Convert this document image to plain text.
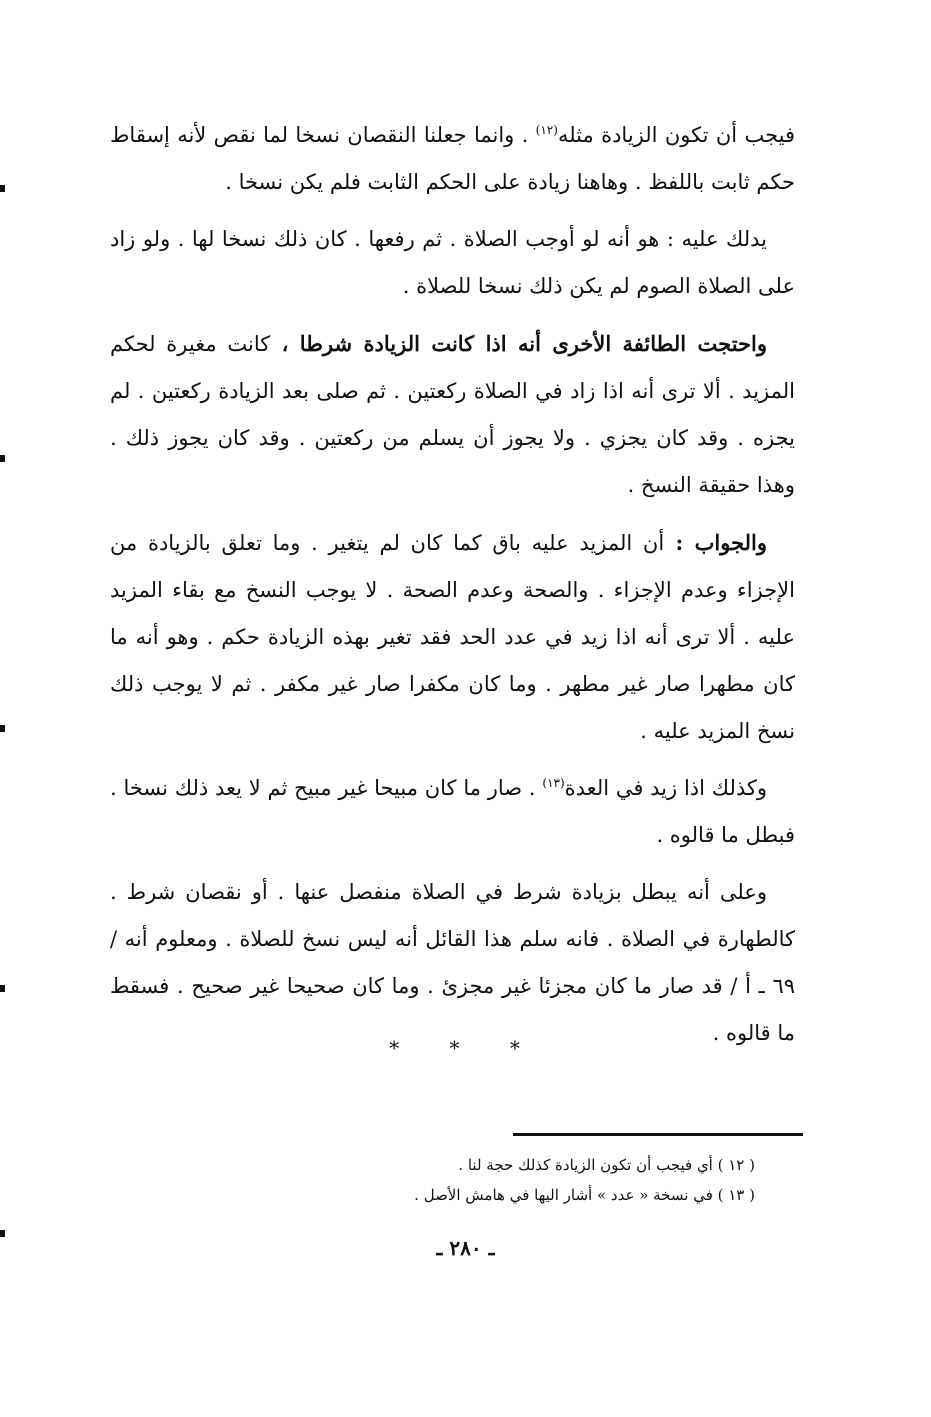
فيجب أن تكون الزيادة مثله$^{(١٢)}$ . وانما جعلنا النقصان نسخا لما نقص لأنه إسقاط حكم ثابت باللفظ . وهاهنا زيادة على الحكم الثابت فلم يكن نسخا .

يدلك عليه : هو أنه لو أوجب الصلاة . ثم رفعها . كان ذلك نسخا لها . ولو زاد على الصلاة الصوم لم يكن ذلك نسخا للصلاة .

واحتجت الطائفة الأخرى أنه اذا كانت الزيادة شرطا ، كانت مغيرة لحكم المزيد . ألا ترى أنه اذا زاد في الصلاة ركعتين . ثم صلى بعد الزيادة ركعتين . لم يجزه . وقد كان يجزي . ولا يجوز أن يسلم من ركعتين . وقد كان يجوز ذلك . وهذا حقيقة النسخ .

والجواب : أن المزيد عليه باق كما كان لم يتغير . وما تعلق بالزيادة من الإجزاء وعدم الإجزاء . والصحة وعدم الصحة . لا يوجب النسخ مع بقاء المزيد عليه . ألا ترى أنه اذا زيد في عدد الحد فقد تغير بهذه الزيادة حكم . وهو أنه ما كان مطهرا صار غير مطهر . وما كان مكفرا صار غير مكفر . ثم لا يوجب ذلك نسخ المزيد عليه .

وكذلك اذا زيد في العدة$^{(١٣)}$ . صار ما كان مبيحا غير مبيح ثم لا يعد ذلك نسخا . فبطل ما قالوه .

وعلى أنه يبطل بزيادة شرط في الصلاة منفصل عنها . أو نقصان شرط . كالطهارة في الصلاة . فانه سلم هذا القائل أنه ليس نسخ للصلاة . ومعلوم أنه / ٦٩ ـ أ / قد صار ما كان مجزئا غير مجزئ . وما كان صحيحا غير صحيح . فسقط ما قالوه .

* * *

( ١٢ ) أي فيجب أن تكون الزيادة كذلك حجة لنا .

( ١٣ ) في نسخة « عدد » أشار اليها في هامش الأصل .

ـ ٢٨٠ ـ
